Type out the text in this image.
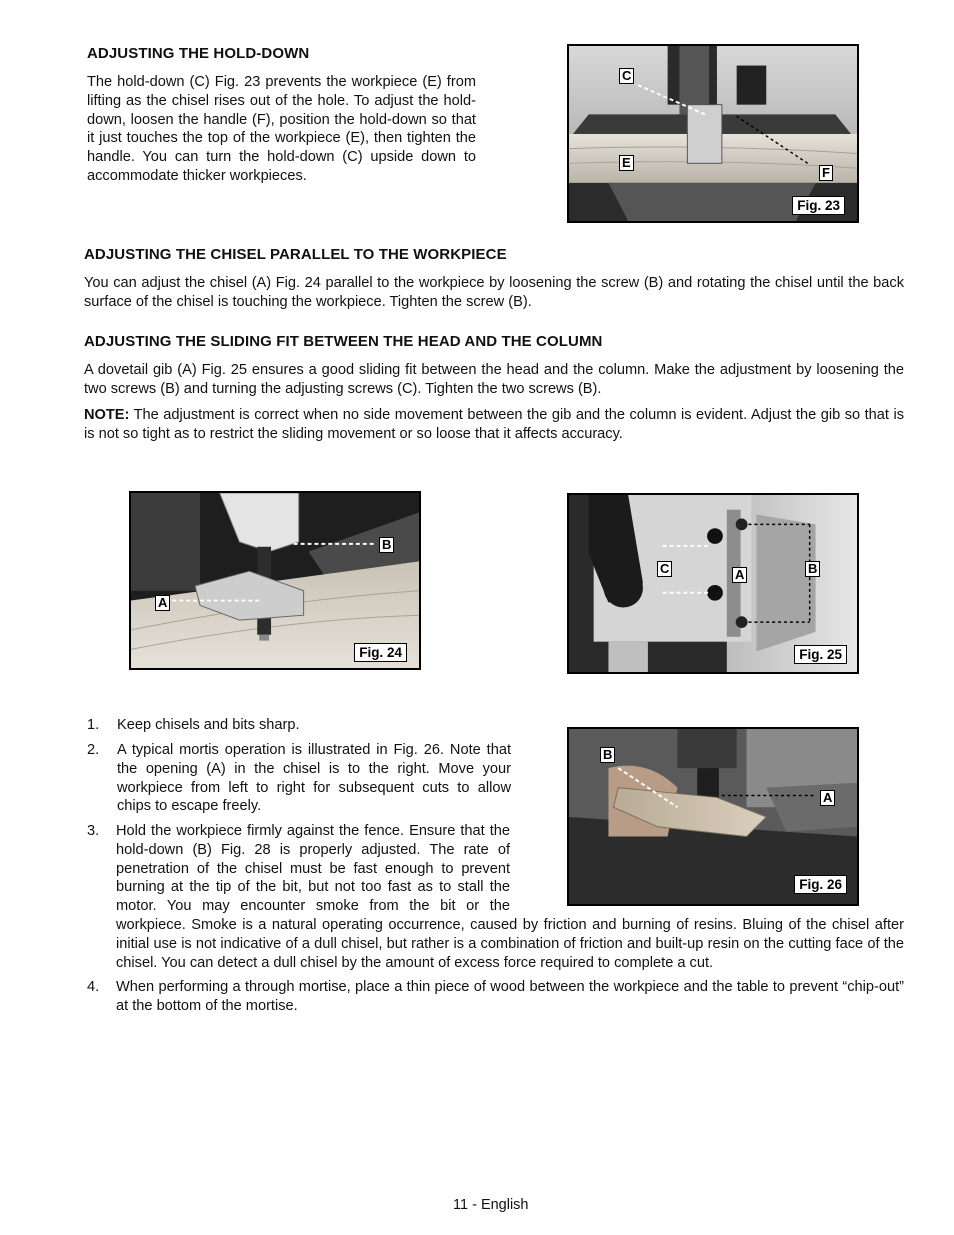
ADJUSTING THE HOLD-DOWN

The hold-down (C) Fig. 23 prevents the workpiece (E) from lifting as the chisel rises out of the hole. To adjust the hold-down, loosen the handle (F), position the hold-down so that it just touches the top of the workpiece (E), then tighten the handle. You can turn the hold-down (C) upside down to accommodate thicker workpieces.

C
E
F
Fig. 23
ADJUSTING THE CHISEL PARALLEL TO THE WORKPIECE

You can adjust the chisel (A) Fig. 24 parallel to the workpiece by loosening the screw (B) and rotating the chisel until the back surface of the chisel is touching the workpiece. Tighten the screw (B).

ADJUSTING THE SLIDING FIT BETWEEN THE HEAD AND THE COLUMN

A dovetail gib (A) Fig. 25 ensures a good sliding fit between the head and the column. Make the adjustment by loosening the two screws (B) and turning the adjusting screws (C). Tighten the two screws (B).

NOTE: The adjustment is correct when no side movement between the gib and the column is evident. Adjust the gib so that is is not so tight as to restrict the sliding movement or so loose that it affects accuracy.

B
A
Fig. 24
C	A	B
Fig. 25
1. Keep chisels and bits sharp.

2. A typical mortis operation is illustrated in Fig. 26. Note that the opening (A) in the chisel is to the right. Move your workpiece from left to right for subsequent cuts to allow chips to escape freely.

3. Hold the workpiece firmly against the fence. Ensure that the hold-down (B) Fig. 28 is properly adjusted. The rate of penetration of the chisel must be fast enough to prevent burning at the tip of the bit, but not too fast as to stall the motor. You may encounter smoke from the bit or the

workpiece. Smoke is a natural operating occurrence, caused by friction and burning of resins. Bluing of the chisel after initial use is not indicative of a dull chisel, but rather is a combination of friction and built-up resin on the cutting face of the chisel. You can detect a dull chisel by the amount of excess force required to complete a cut.

4. When performing a through mortise, place a thin piece of wood between the workpiece and the table to prevent “chip-out” at the bottom of the mortise.

B
A
Fig. 26
11 - English
